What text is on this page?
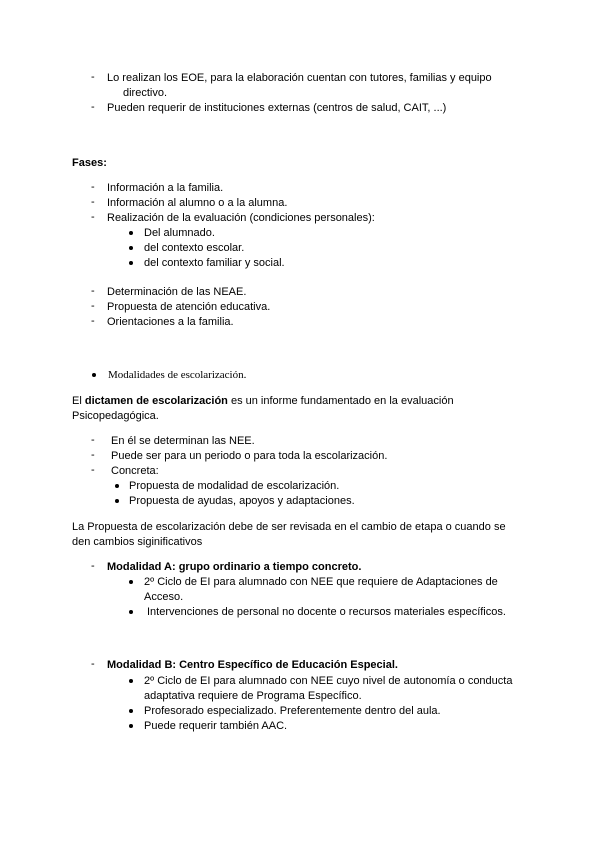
-	Lo realizan los EOE, para la elaboración cuentan con tutores, familias y equipo
directivo.
-	Pueden requerir de instituciones externas (centros de salud, CAIT, ...)
Fases:
-	Información a la familia.
-	Información al alumno o a la alumna.
-	Realización de la evaluación (condiciones personales):
Del alumnado.
del contexto escolar.
del contexto familiar y social.
-	Determinación de las NEAE.
-	Propuesta de atención educativa.
-	Orientaciones a la familia.
Modalidades de escolarización.
El dictamen de escolarización es un informe fundamentado en la evaluación
Psicopedagógica.
-	En él se determinan las NEE.
-	Puede ser para un periodo o para toda la escolarización.
-	Concreta:
Propuesta de modalidad de escolarización.
Propuesta de ayudas, apoyos y adaptaciones.
La Propuesta de escolarización debe de ser revisada en el cambio de etapa o cuando se
den cambios siginificativos
-	Modalidad A: grupo ordinario a tiempo concreto.
2º Ciclo de EI para alumnado con NEE que requiere de Adaptaciones de
Acceso.
Intervenciones de personal no docente o recursos materiales específicos.
-	Modalidad B: Centro Específico de Educación Especial.
2º Ciclo de EI para alumnado con NEE cuyo nivel de autonomía o conducta
adaptativa requiere de Programa Específico.
Profesorado especializado. Preferentemente dentro del aula.
Puede requerir también AAC.
